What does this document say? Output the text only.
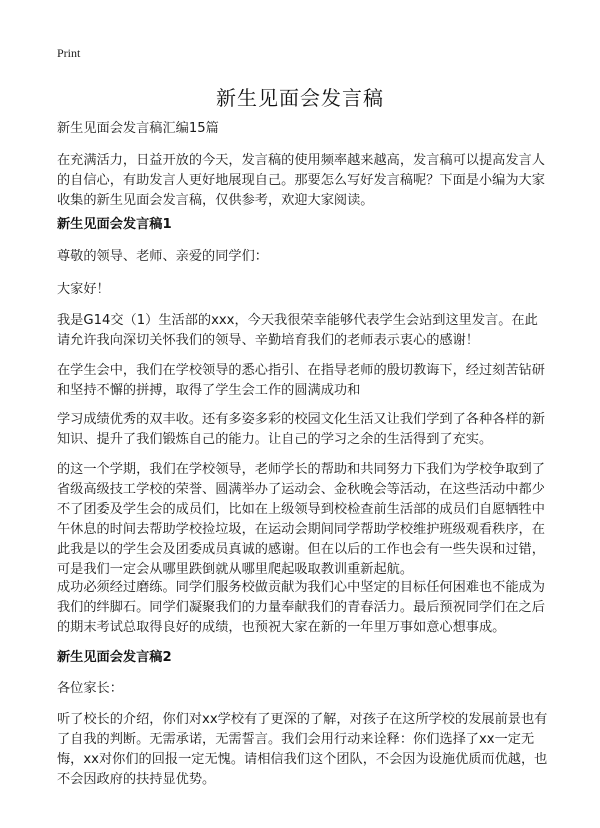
Print
新生见面会发言稿

新生见面会发言稿汇编15篇

在充满活力，日益开放的今天，发言稿的使用频率越来越高，发言稿可以提高发言人的自信心，有助发言人更好地展现自己。那要怎么写好发言稿呢？下面是小编为大家收集的新生见面会发言稿，仅供参考，欢迎大家阅读。

新生见面会发言稿1

尊敬的领导、老师、亲爱的同学们：

大家好！

我是G14交（1）生活部的xxx，今天我很荣幸能够代表学生会站到这里发言。在此请允许我向深切关怀我们的领导、辛勤培育我们的老师表示衷心的感谢！

在学生会中，我们在学校领导的悉心指引、在指导老师的殷切教诲下，经过刻苦钻研和坚持不懈的拼搏，取得了学生会工作的圆满成功和

学习成绩优秀的双丰收。还有多姿多彩的校园文化生活又让我们学到了各种各样的新知识、提升了我们锻炼自己的能力。让自己的学习之余的生活得到了充实。

的这一个学期，我们在学校领导，老师学长的帮助和共同努力下我们为学校争取到了省级高级技工学校的荣誉、圆满举办了运动会、金秋晚会等活动，在这些活动中都少不了团委及学生会的成员们，比如在上级领导到校检查前生活部的成员们自愿牺牲中午休息的时间去帮助学校捡垃圾，在运动会期间同学帮助学校维护班级观看秩序，在此我是以的学生会及团委成员真诚的感谢。但在以后的工作也会有一些失误和过错，可是我们一定会从哪里跌倒就从哪里爬起吸取教训重新起航。

成功必须经过磨练。同学们服务校做贡献为我们心中坚定的目标任何困难也不能成为我们的绊脚石。同学们凝聚我们的力量奉献我们的青春活力。最后预祝同学们在之后的期末考试总取得良好的成绩，也预祝大家在新的一年里万事如意心想事成。

新生见面会发言稿2

各位家长：

听了校长的介绍，你们对xx学校有了更深的了解，对孩子在这所学校的发展前景也有了自我的判断。无需承诺，无需誓言。我们会用行动来诠释：你们选择了xx一定无悔，xx对你们的回报一定无愧。请相信我们这个团队，不会因为设施优质而优越，也不会因政府的扶持显优势。
